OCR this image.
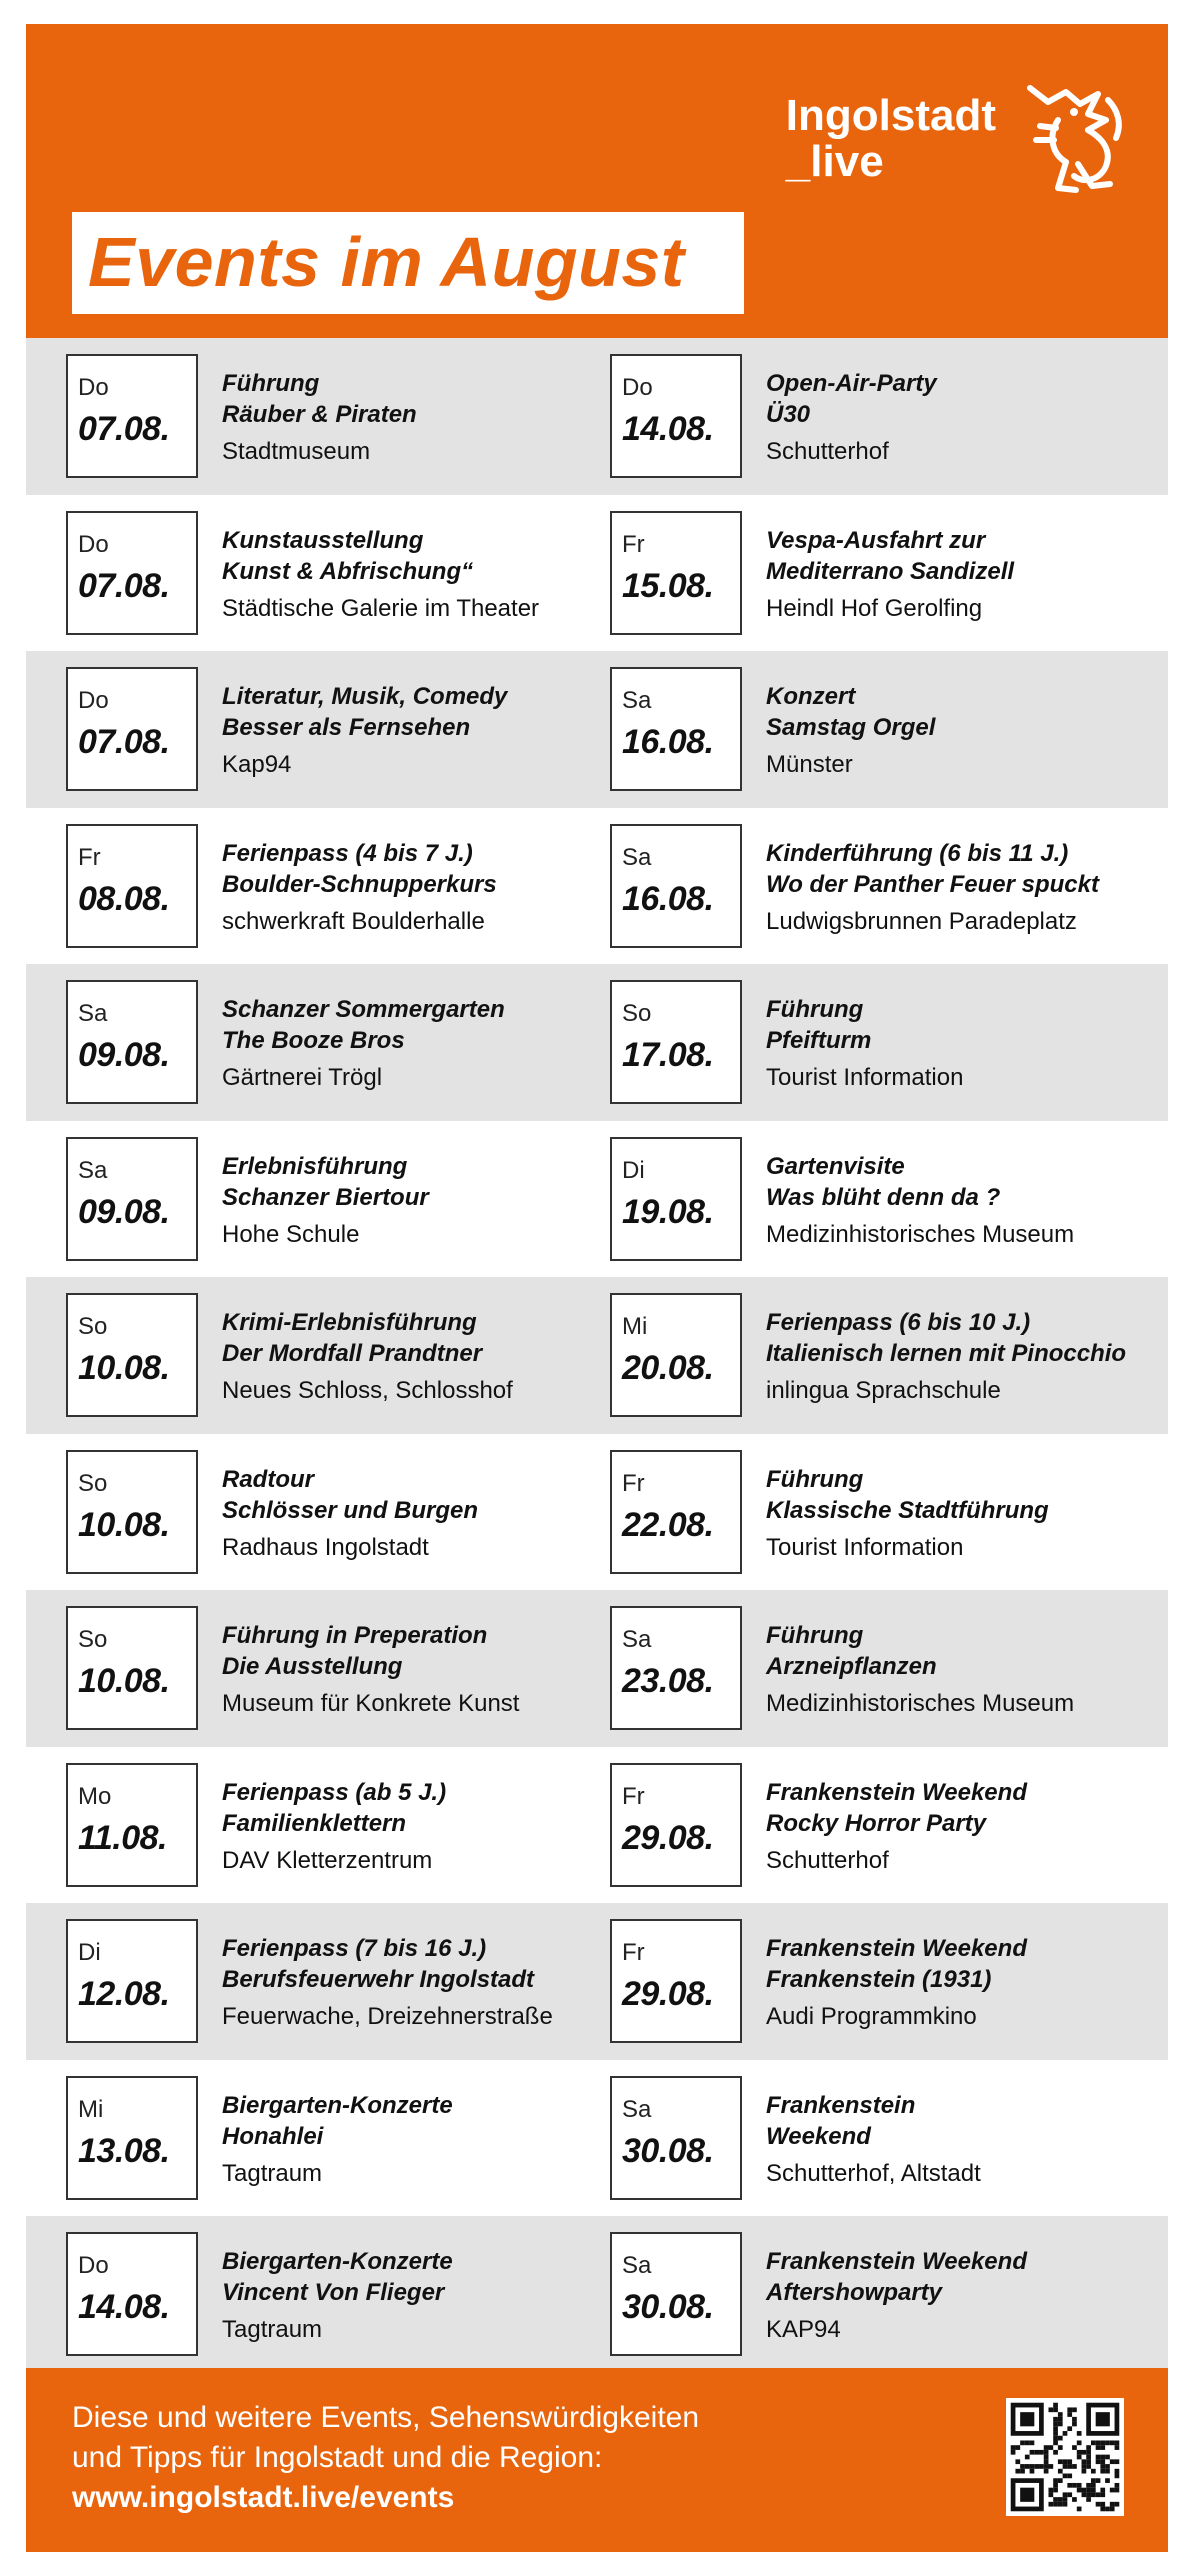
Ingolstadt
_live
Events im August
Do
07.08.
Führung
Räuber & Piraten
Stadtmuseum
Do
14.08.
Open-Air-Party
Ü30
Schutterhof
Do
07.08.
Kunstausstellung
Kunst & Abfrischung“
Städtische Galerie im Theater
Fr
15.08.
Vespa-Ausfahrt zur
Mediterrano Sandizell
Heindl Hof Gerolfing
Do
07.08.
Literatur, Musik, Comedy
Besser als Fernsehen
Kap94
Sa
16.08.
Konzert
Samstag Orgel
Münster
Fr
08.08.
Ferienpass (4 bis 7 J.)
Boulder-Schnupperkurs
schwerkraft Boulderhalle
Sa
16.08.
Kinderführung (6 bis 11 J.)
Wo der Panther Feuer spuckt
Ludwigsbrunnen Paradeplatz
Sa
09.08.
Schanzer Sommergarten
The Booze Bros
Gärtnerei Trögl
So
17.08.
Führung
Pfeifturm
Tourist Information
Sa
09.08.
Erlebnisführung
Schanzer Biertour
Hohe Schule
Di
19.08.
Gartenvisite
Was blüht denn da ?
Medizinhistorisches Museum
So
10.08.
Krimi-Erlebnisführung
Der Mordfall Prandtner
Neues Schloss, Schlosshof
Mi
20.08.
Ferienpass (6 bis 10 J.)
Italienisch lernen mit Pinocchio
inlingua Sprachschule
So
10.08.
Radtour
Schlösser und Burgen
Radhaus Ingolstadt
Fr
22.08.
Führung
Klassische Stadtführung
Tourist Information
So
10.08.
Führung in Preperation
Die Ausstellung
Museum für Konkrete Kunst
Sa
23.08.
Führung
Arzneipflanzen
Medizinhistorisches Museum
Mo
11.08.
Ferienpass (ab 5 J.)
Familienklettern
DAV Kletterzentrum
Fr
29.08.
Frankenstein Weekend
Rocky Horror Party
Schutterhof
Di
12.08.
Ferienpass (7 bis 16 J.)
Berufsfeuerwehr Ingolstadt
Feuerwache, Dreizehnerstraße
Fr
29.08.
Frankenstein Weekend
Frankenstein (1931)
Audi Programmkino
Mi
13.08.
Biergarten-Konzerte
Honahlei
Tagtraum
Sa
30.08.
Frankenstein
Weekend
Schutterhof, Altstadt
Do
14.08.
Biergarten-Konzerte
Vincent Von Flieger
Tagtraum
Sa
30.08.
Frankenstein Weekend
Aftershowparty
KAP94
Diese und weitere Events, Sehenswürdigkeiten
und Tipps für Ingolstadt und die Region:
www.ingolstadt.live/events
